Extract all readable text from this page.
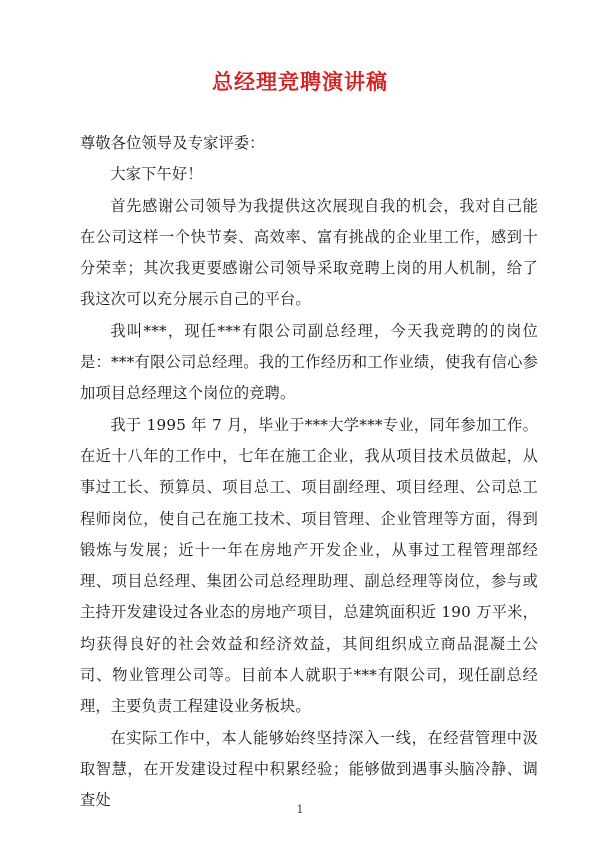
总经理竞聘演讲稿

尊敬各位领导及专家评委：

大家下午好！

首先感谢公司领导为我提供这次展现自我的机会，我对自己能在公司这样一个快节奏、高效率、富有挑战的企业里工作，感到十分荣幸；其次我更要感谢公司领导采取竞聘上岗的用人机制，给了我这次可以充分展示自己的平台。

我叫***，现任***有限公司副总经理，今天我竞聘的的岗位是：***有限公司总经理。我的工作经历和工作业绩，使我有信心参加项目总经理这个岗位的竞聘。

我于 1995 年 7 月，毕业于***大学***专业，同年参加工作。在近十八年的工作中，七年在施工企业，我从项目技术员做起，从事过工长、预算员、项目总工、项目副经理、项目经理、公司总工程师岗位，使自己在施工技术、项目管理、企业管理等方面，得到锻炼与发展；近十一年在房地产开发企业，从事过工程管理部经理、项目总经理、集团公司总经理助理、副总经理等岗位，参与或主持开发建设过各业态的房地产项目，总建筑面积近 190 万平米，均获得良好的社会效益和经济效益，其间组织成立商品混凝土公司、物业管理公司等。目前本人就职于***有限公司，现任副总经理，主要负责工程建设业务板块。

在实际工作中，本人能够始终坚持深入一线，在经营管理中汲取智慧，在开发建设过程中积累经验；能够做到遇事头脑冷静、调查处

1
